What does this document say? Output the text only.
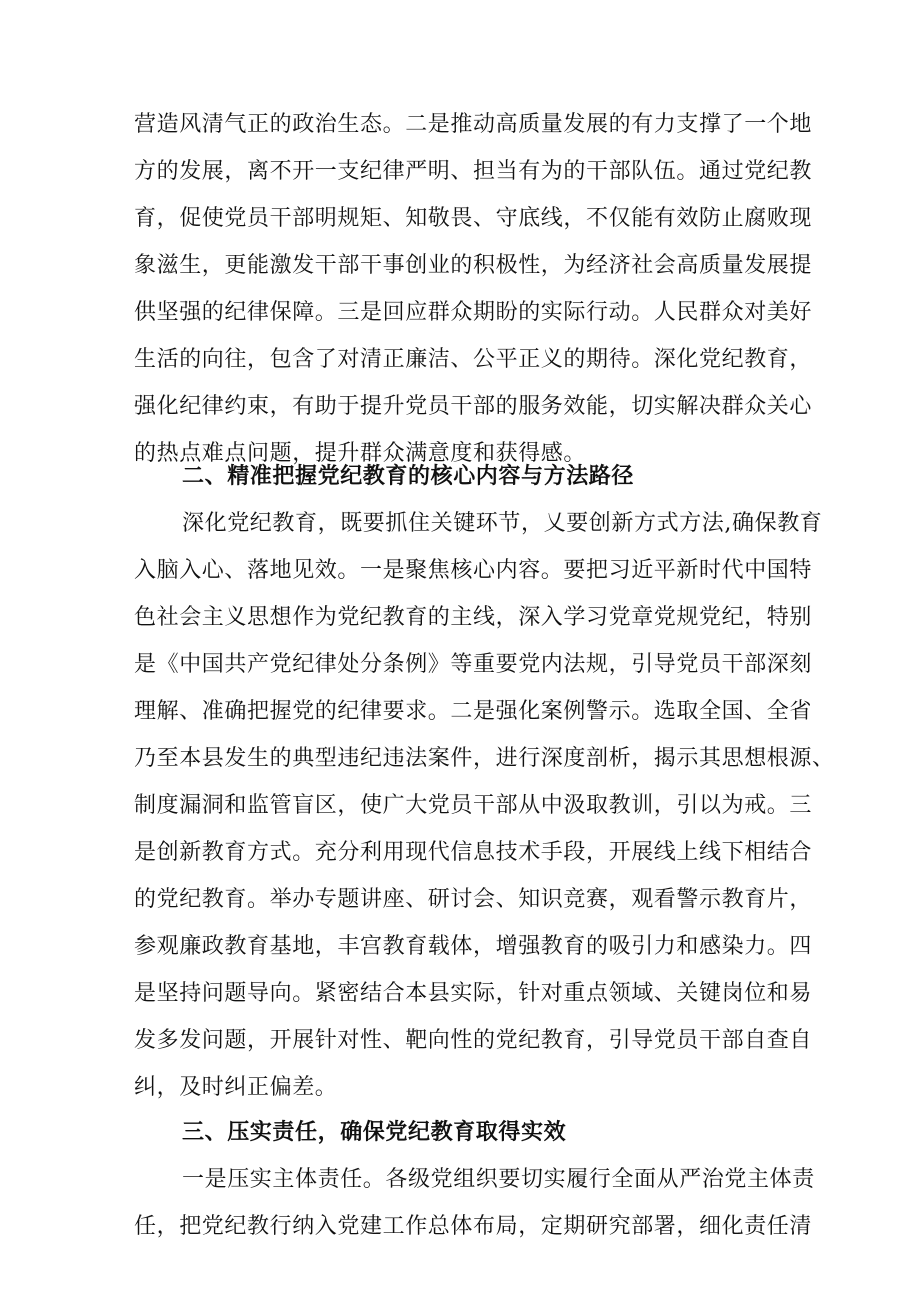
营造风清气正的政治生态。二是推动高质量发展的有力支撑了一个地
方的发展，离不开一支纪律严明、担当有为的干部队伍。通过党纪教
育，促使党员干部明规矩、知敬畏、守底线，不仅能有效防止腐败现
象滋生，更能激发干部干事创业的积极性，为经济社会高质量发展提
供坚强的纪律保障。三是回应群众期盼的实际行动。人民群众对美好
生活的向往，包含了对清正廉洁、公平正义的期待。深化党纪教育，
强化纪律约束，有助于提升党员干部的服务效能，切实解决群众关心
的热点难点问题，提升群众满意度和获得感。
二、精准把握党纪教育的核心内容与方法路径
深化党纪教育，既要抓住关键环节，乂要创新方式方法,确保教育
入脑入心、落地见效。一是聚焦核心内容。要把习近平新时代中国特
色社会主义思想作为党纪教育的主线，深入学习党章党规党纪，特别
是《中国共产党纪律处分条例》等重要党内法规，引导党员干部深刻
理解、准确把握党的纪律要求。二是强化案例警示。选取全国、全省
乃至本县发生的典型违纪违法案件，进行深度剖析，揭示其思想根源、
制度漏洞和监管盲区，使广大党员干部从中汲取教训，引以为戒。三
是创新教育方式。充分利用现代信息技术手段，开展线上线下相结合
的党纪教育。举办专题讲座、研讨会、知识竞赛，观看警示教育片，
参观廉政教育基地，丰宫教育载体，增强教育的吸引力和感染力。四
是坚持问题导向。紧密结合本县实际，针对重点领域、关键岗位和易
发多发问题，开展针对性、靶向性的党纪教育，引导党员干部自查自
纠，及时纠正偏差。
三、压实责任，确保党纪教育取得实效
一是压实主体责任。各级党组织要切实履行全面从严治党主体责
任，把党纪教行纳入党建工作总体布局，定期研究部署，细化责任清
